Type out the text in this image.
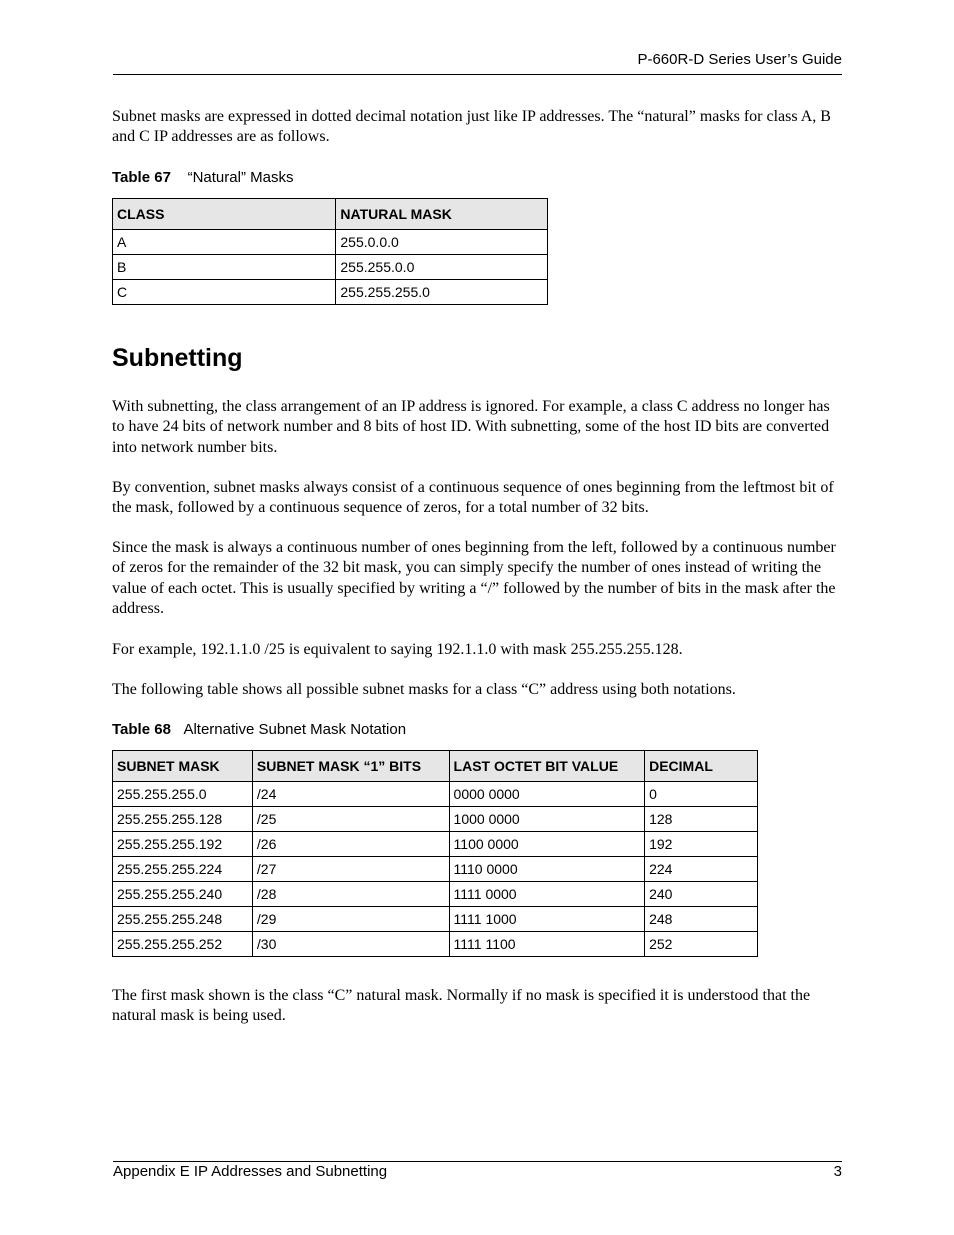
P-660R-D Series User’s Guide

Subnet masks are expressed in dotted decimal notation just like IP addresses. The “natural” masks for class A, B and C IP addresses are as follows.

Table 67 “Natural” Masks
CLASS	NATURAL MASK
A	255.0.0.0
B	255.255.0.0
C	255.255.255.0
Subnetting

With subnetting, the class arrangement of an IP address is ignored. For example, a class C address no longer has to have 24 bits of network number and 8 bits of host ID. With subnetting, some of the host ID bits are converted into network number bits.

By convention, subnet masks always consist of a continuous sequence of ones beginning from the leftmost bit of the mask, followed by a continuous sequence of zeros, for a total number of 32 bits.

Since the mask is always a continuous number of ones beginning from the left, followed by a continuous number of zeros for the remainder of the 32 bit mask, you can simply specify the number of ones instead of writing the value of each octet. This is usually specified by writing a “/” followed by the number of bits in the mask after the address.

For example, 192.1.1.0 /25 is equivalent to saying 192.1.1.0 with mask 255.255.255.128.

The following table shows all possible subnet masks for a class “C” address using both notations.

Table 68 Alternative Subnet Mask Notation
SUBNET MASK	SUBNET MASK “1” BITS	LAST OCTET BIT VALUE	DECIMAL
255.255.255.0	/24	0000 0000	0
255.255.255.128	/25	1000 0000	128
255.255.255.192	/26	1100 0000	192
255.255.255.224	/27	1110 0000	224
255.255.255.240	/28	1111 0000	240
255.255.255.248	/29	1111 1000	248
255.255.255.252	/30	1111 1100	252

The first mask shown is the class “C” natural mask. Normally if no mask is specified it is understood that the natural mask is being used.

Appendix E IP Addresses and Subnetting	3
